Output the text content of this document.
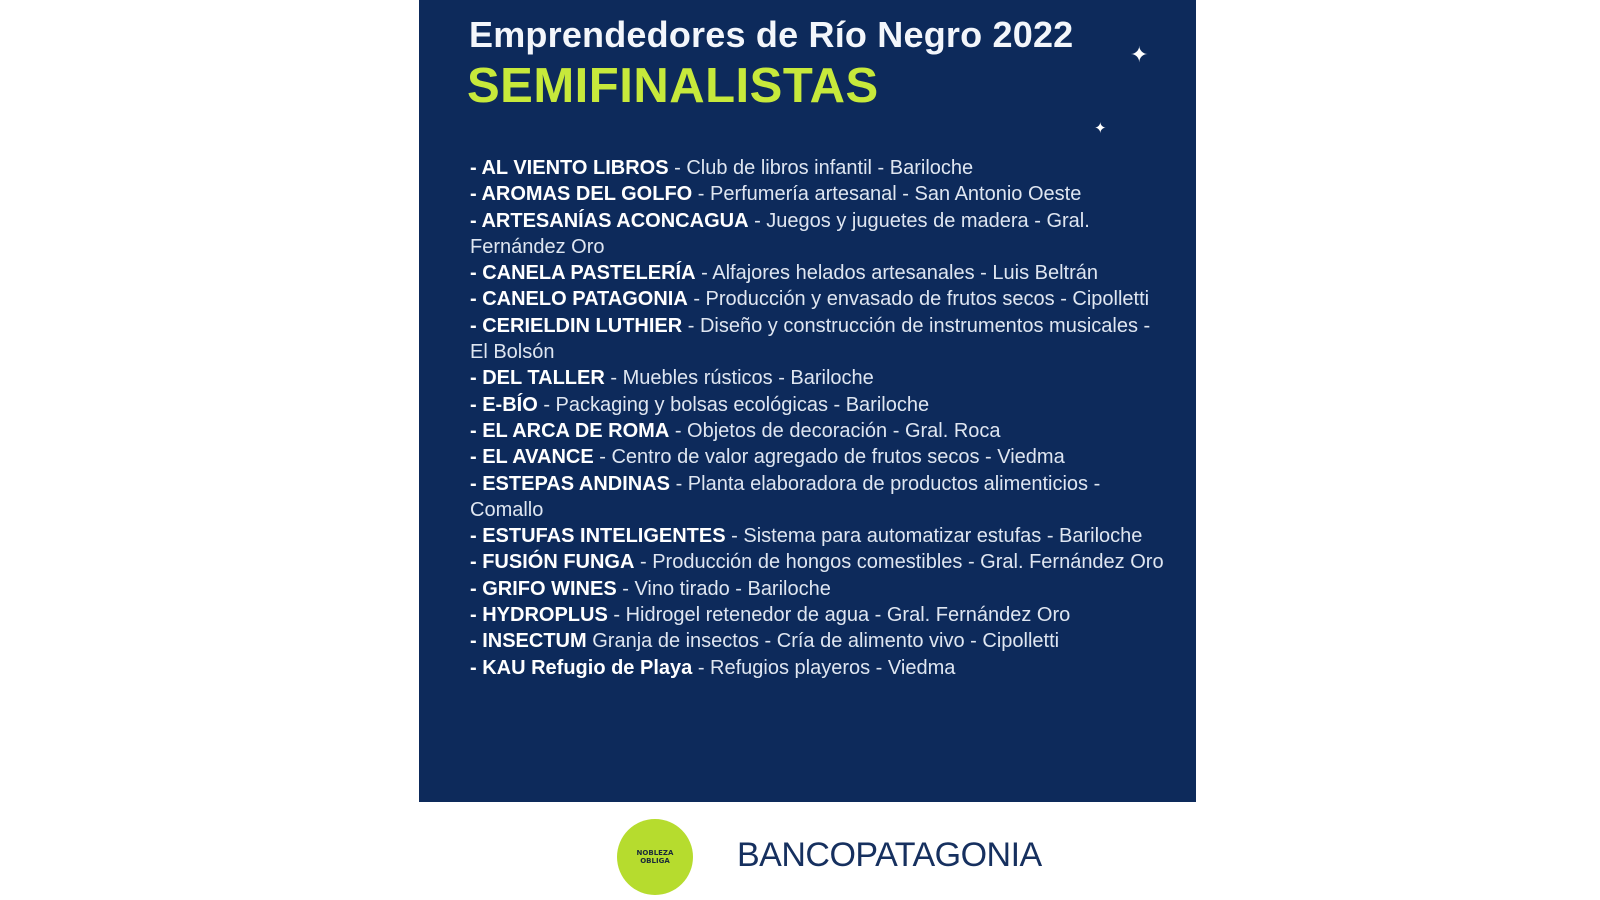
Emprendedores de Río Negro 2022
SEMIFINALISTAS
✦
✦
- AL VIENTO LIBROS - Club de libros infantil - Bariloche
- AROMAS DEL GOLFO - Perfumería artesanal - San Antonio Oeste
- ARTESANÍAS ACONCAGUA - Juegos y juguetes de madera - Gral. Fernández Oro
- CANELA PASTELERÍA - Alfajores helados artesanales - Luis Beltrán
- CANELO PATAGONIA - Producción y envasado de frutos secos - Cipolletti
- CERIELDIN LUTHIER - Diseño y construcción de instrumentos musicales - El Bolsón
- DEL TALLER - Muebles rústicos - Bariloche
- E-BÍO - Packaging y bolsas ecológicas - Bariloche
- EL ARCA DE ROMA - Objetos de decoración - Gral. Roca
- EL AVANCE - Centro de valor agregado de frutos secos - Viedma
- ESTEPAS ANDINAS - Planta elaboradora de productos alimenticios - Comallo
- ESTUFAS INTELIGENTES - Sistema para automatizar estufas - Bariloche
- FUSIÓN FUNGA - Producción de hongos comestibles - Gral. Fernández Oro
- GRIFO WINES - Vino tirado - Bariloche
- HYDROPLUS - Hidrogel retenedor de agua - Gral. Fernández Oro
- INSECTUM Granja de insectos - Cría de alimento vivo - Cipolletti
- KAU Refugio de Playa - Refugios playeros - Viedma
NOBLEZA OBLIGA BANCOPATAGONIA
